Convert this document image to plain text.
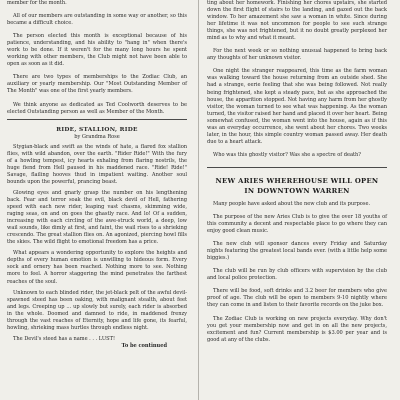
member for the month.

All of our members are outstanding in some way or another, so this became a difficult choice.

The person elected this month is exceptional because of his patience, understanding, and his ability to "hang in" when there's work to be done. If it weren't for the many long hours he spent working with other members, the Club might not have been able to open as soon as it did.

There are two types of memberships to the Zodiac Club, an auxiliary or yearly membership. Our "Most Outstanding Member of The Month" was one of the first yearly members.

We think anyone as dedicated as Ted Coolworth deserves to be elected Outstanding person as well as Member of the Month.

RIDE, STALLION, RIDE

by Grandma Rose

Stygian-black and swift as the winds of hate, a flared fox stallion flies, with wild abandon, over the earth. "Rider Ride!" With the fury of a howling tempest, icy hearts exhaling from flaring nostrils, the huge fiend from Hell paused in his maddened race. "Ride! Ride!" Savage, flailing hooves thud in impatient waiting. Another soul bounds upon the powerful, prancing beast.

Glowing eyes and gnarly grasp the number on his lengthening back. Fear and terror soak the evil, black devil of Hell, fathering speed with each new rider, leaping vast chasms, skimming wide, raging seas, on and on goes the ghastly race. And lo! Of a sudden, increasing with each circling of the awe-struck world, a deep, low wail sounds, like dimly at first, and faint, the wail rises to a shrieking crescendo. The great stallion flies on. An agonized, piercing howl fills the skies. The wild flight to emotional freedom has a price.

What appears a wondering opportunity to explore the heights and depths of every human emotion is unwilling to hideous form. Every sock and ornery has been reached. Nothing more to see. Nothing more to feel. A horror staggering the mind penetrates the farthest reaches of the soul.

Unknown to each blinded rider, the jet-black pelt of the awful devil-spawned steed has been oaking, with malignant stealth, about feet and legs. Creeping up ... up slowly but surely, each rider is absorbed in the whole. Doomed and damned to ride, in maddened frenzy through the vast reaches of Eternity, hope and life gone, its fearful, howling, shrieking mass hurtles through endless night.

The Devil's steed has a name . . . LUST!

To be continued

ting about her homework. Finishing her chores upstairs, she started down the first flight of stairs to the landing, and gazed out the back window. To her amazement she saw a woman in white. Since during her lifetime it was not uncommon for people to see such strange things, she was not frightened, but it no doubt greatly perplexed her mind as to why and what it meant.

For the next week or so nothing unusual happened to bring back any thoughts of her unknown visitor.

One night the stranger reappeared, this time as the farm woman was walking toward the house returning from an outside shed. She had a strange, eerie feeling that she was being followed. Not really being frightened, she kept a steady pace, but as she approached the house, the apparition stopped. Not having any harm from her ghostly visitor, the woman turned to see what was happening. As the woman turned, the visitor raised her hand and placed it over her heart. Being somewhat confused, the woman went into the house, again as if this was an everyday occurrence, she went about her chores. Two weeks later, in the hour, this simple country woman passed away. Her death due to a heart attack.

Who was this ghostly visitor? Was she a spectre of death?

NEW ARIES WHEREHOUSE WILL OPEN

IN DOWNTOWN WARREN

Many people have asked about the new club and its purpose.

The purpose of the new Aries Club is to give the over 18 youths of this community a decent and respectable place to go where they can enjoy good clean music.

The new club will sponsor dances every Friday and Saturday nights featuring the greatest local bands ever. (with a little help some biggies.)

The club will be run by club officers with supervision by the club and local police protection.

There will be food, soft drinks and 3.2 beer for members who give proof of age. The club will be open to members 9-10 nightly where they can come in and listen to their favorite records on the juke box.

The Zodiac Club is working on new projects everyday. Why don't you get your membership now and get in on all the new projects, excitement and fun? Current membership is $3.00 per year and is good at any of the clubs.
